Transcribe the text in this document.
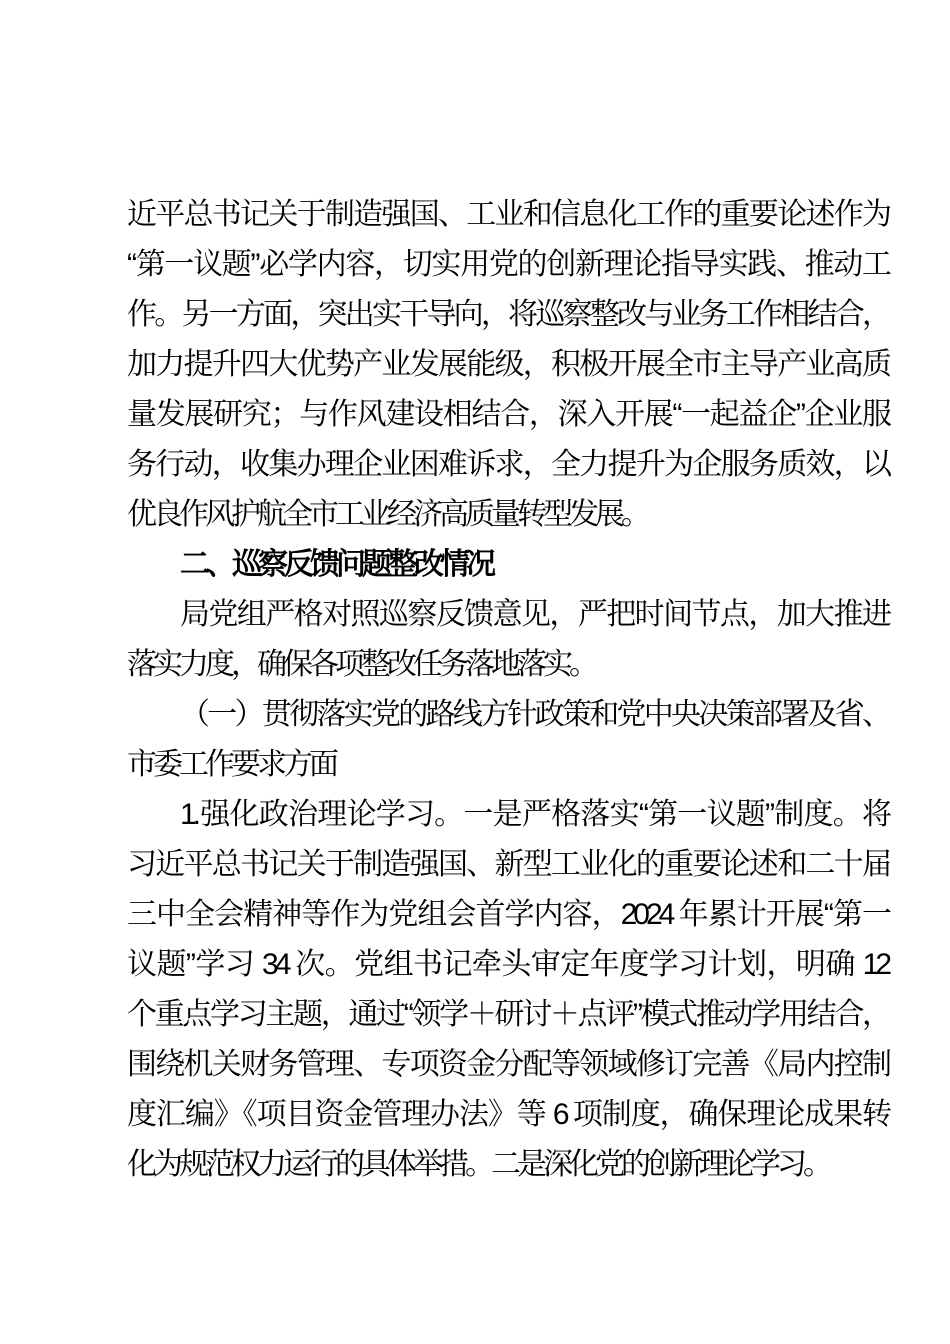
近平总书记关于制造强国、工业和信息化工作的重要论述作为
“第一议题”必学内容，切实用党的创新理论指导实践、推动工
作。另一方面，突出实干导向，将巡察整改与业务工作相结合，
加力提升四大优势产业发展能级，积极开展全市主导产业高质
量发展研究；与作风建设相结合，深入开展“一起益企”企业服
务行动，收集办理企业困难诉求，全力提升为企服务质效，以
优良作风护航全市工业经济高质量转型发展。
二、巡察反馈问题整改情况
局党组严格对照巡察反馈意见，严把时间节点，加大推进
落实力度，确保各项整改任务落地落实。
（一）贯彻落实党的路线方针政策和党中央决策部署及省、
市委工作要求方面
1.强化政治理论学习。一是严格落实“第一议题”制度。将
习近平总书记关于制造强国、新型工业化的重要论述和二十届
三中全会精神等作为党组会首学内容，2024 年累计开展“第一
议题”学习 34 次。党组书记牵头审定年度学习计划，明确 12
个重点学习主题，通过“领学＋研讨＋点评”模式推动学用结合，
围绕机关财务管理、专项资金分配等领域修订完善《局内控制
度汇编》《项目资金管理办法》等 6 项制度，确保理论成果转
化为规范权力运行的具体举措。二是深化党的创新理论学习。
